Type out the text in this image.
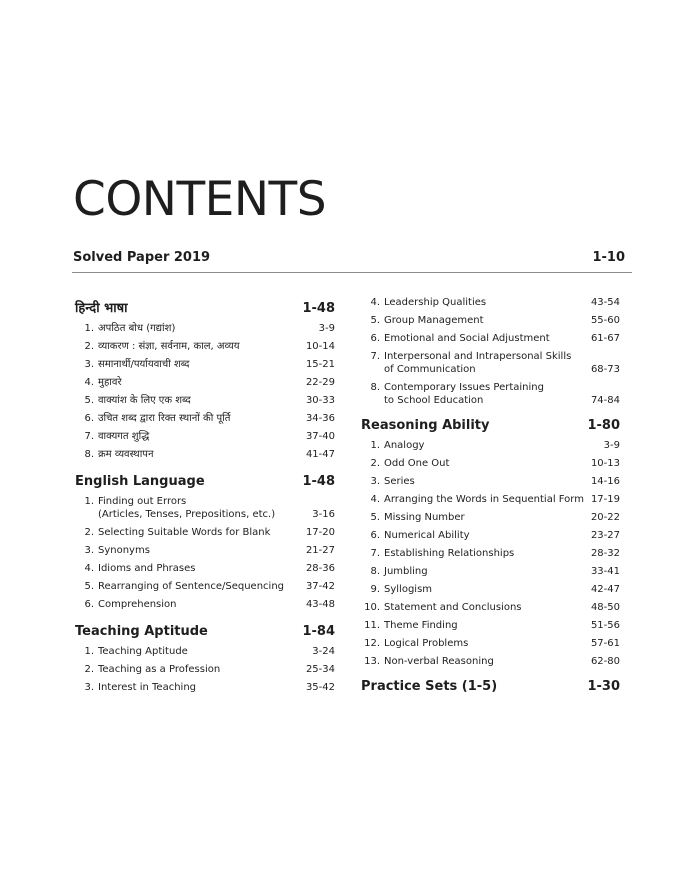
CONTENTS
Solved Paper 2019	1-10
हिन्दी भाषा	1-48
1. अपठित बोध (गद्यांश)	3-9
2. व्याकरण : संज्ञा, सर्वनाम, काल, अव्यय	10-14
3. समानार्थी/पर्यायवाची शब्द	15-21
4. मुहावरे	22-29
5. वाक्यांश के लिए एक शब्द	30-33
6. उचित शब्द द्वारा रिक्त स्थानों की पूर्ति	34-36
7. वाक्यगत शुद्धि	37-40
8. क्रम व्यवस्थापन	41-47
English Language	1-48
1. Finding out Errors
(Articles, Tenses, Prepositions, etc.)	3-16
2. Selecting Suitable Words for Blank	17-20
3. Synonyms	21-27
4. Idioms and Phrases	28-36
5. Rearranging of Sentence/Sequencing	37-42
6. Comprehension	43-48
Teaching Aptitude	1-84
1. Teaching Aptitude	3-24
2. Teaching as a Profession	25-34
3. Interest in Teaching	35-42
4. Leadership Qualities	43-54
5. Group Management	55-60
6. Emotional and Social Adjustment	61-67
7. Interpersonal and Intrapersonal Skills
of Communication	68-73
8. Contemporary Issues Pertaining
to School Education	74-84
Reasoning Ability	1-80
1. Analogy	3-9
2. Odd One Out	10-13
3. Series	14-16
4. Arranging the Words in Sequential Form 17-19
5. Missing Number	20-22
6. Numerical Ability	23-27
7. Establishing Relationships	28-32
8. Jumbling	33-41
9. Syllogism	42-47
10. Statement and Conclusions	48-50
11. Theme Finding	51-56
12. Logical Problems	57-61
13. Non-verbal Reasoning	62-80
Practice Sets (1-5)	1-30
